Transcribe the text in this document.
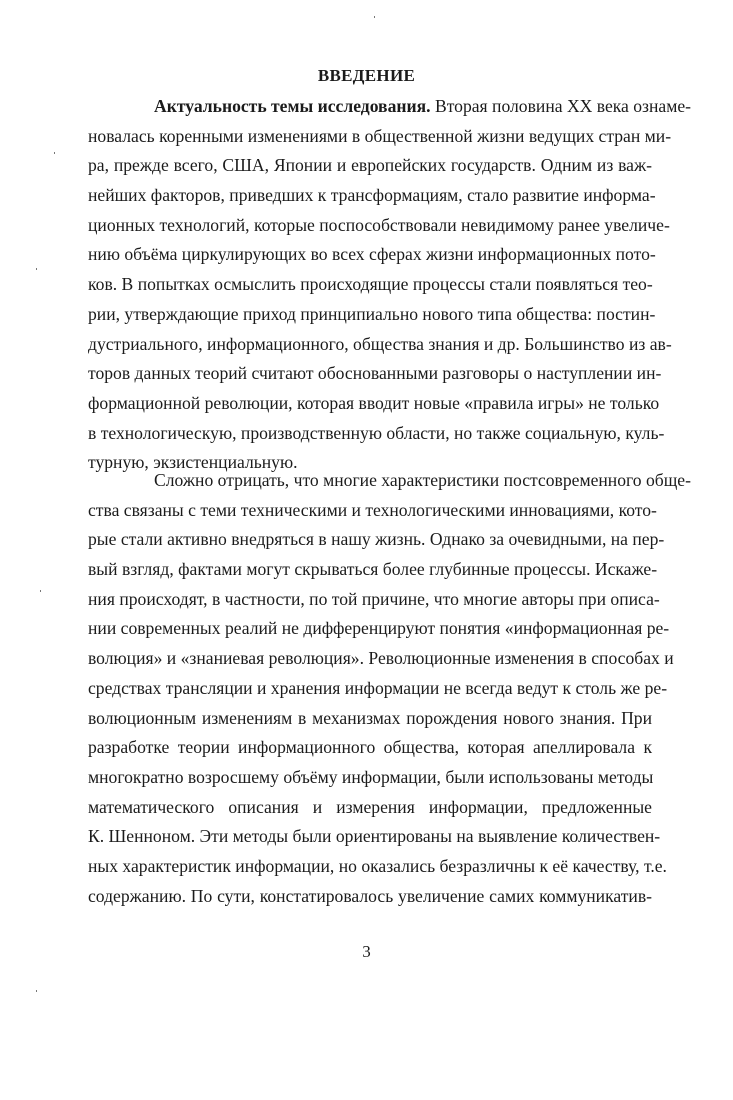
ВВЕДЕНИЕ
Актуальность темы исследования. Вторая половина ХХ века ознаме-
новалась коренными изменениями в общественной жизни ведущих стран ми-
ра, прежде всего, США, Японии и европейских государств. Одним из важ-
нейших факторов, приведших к трансформациям, стало развитие информа-
ционных технологий, которые поспособствовали невидимому ранее увеличе-
нию объёма циркулирующих во всех сферах жизни информационных пото-
ков. В попытках осмыслить происходящие процессы стали появляться тео-
рии, утверждающие приход принципиально нового типа общества: постин-
дустриального, информационного, общества знания и др. Большинство из ав-
торов данных теорий считают обоснованными разговоры о наступлении ин-
формационной революции, которая вводит новые «правила игры» не только
в технологическую, производственную области, но также социальную, куль-
турную, экзистенциальную.
Сложно отрицать, что многие характеристики постсовременного обще-
ства связаны с теми техническими и технологическими инновациями, кото-
рые стали активно внедряться в нашу жизнь. Однако за очевидными, на пер-
вый взгляд, фактами могут скрываться более глубинные процессы. Искаже-
ния происходят, в частности, по той причине, что многие авторы при описа-
нии современных реалий не дифференцируют понятия «информационная ре-
волюция» и «знаниевая революция». Революционные изменения в способах и
средствах трансляции и хранения информации не всегда ведут к столь же ре-
волюционным изменениям в механизмах порождения нового знания. При
разработке теории информационного общества, которая апеллировала к
многократно возросшему объёму информации, были использованы методы
математического описания и измерения информации, предложенные
К. Шенноном. Эти методы были ориентированы на выявление количествен-
ных характеристик информации, но оказались безразличны к её качеству, т.е.
содержанию. По сути, констатировалось увеличение самих коммуникатив-
3
